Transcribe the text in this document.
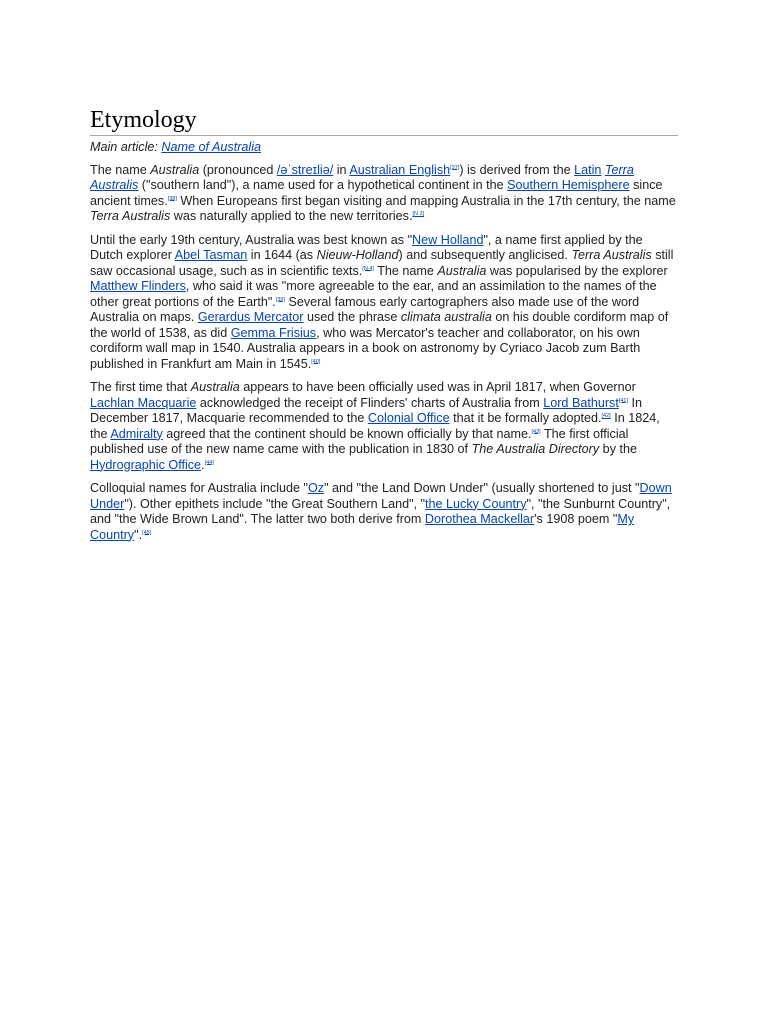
Etymology
Main article: Name of Australia

The name Australia (pronounced /əˈstreɪliə/ in Australian English[37]) is derived from the Latin Terra Australis ("southern land"), a name used for a hypothetical continent in the Southern Hemisphere since ancient times.[38] When Europeans first began visiting and mapping Australia in the 17th century, the name Terra Australis was naturally applied to the new territories.[N 3]

Until the early 19th century, Australia was best known as "New Holland", a name first applied by the Dutch explorer Abel Tasman in 1644 (as Nieuw-Holland) and subsequently anglicised. Terra Australis still saw occasional usage, such as in scientific texts.[N 4] The name Australia was popularised by the explorer Matthew Flinders, who said it was "more agreeable to the ear, and an assimilation to the names of the other great portions of the Earth".[39] Several famous early cartographers also made use of the word Australia on maps. Gerardus Mercator used the phrase climata australia on his double cordiform map of the world of 1538, as did Gemma Frisius, who was Mercator's teacher and collaborator, on his own cordiform wall map in 1540. Australia appears in a book on astronomy by Cyriaco Jacob zum Barth published in Frankfurt am Main in 1545.[40]

The first time that Australia appears to have been officially used was in April 1817, when Governor Lachlan Macquarie acknowledged the receipt of Flinders' charts of Australia from Lord Bathurst[41] In December 1817, Macquarie recommended to the Colonial Office that it be formally adopted.[42] In 1824, the Admiralty agreed that the continent should be known officially by that name.[43] The first official published use of the new name came with the publication in 1830 of The Australia Directory by the Hydrographic Office.[44]

Colloquial names for Australia include "Oz" and "the Land Down Under" (usually shortened to just "Down Under"). Other epithets include "the Great Southern Land", "the Lucky Country", "the Sunburnt Country", and "the Wide Brown Land". The latter two both derive from Dorothea Mackellar's 1908 poem "My Country".[45]
